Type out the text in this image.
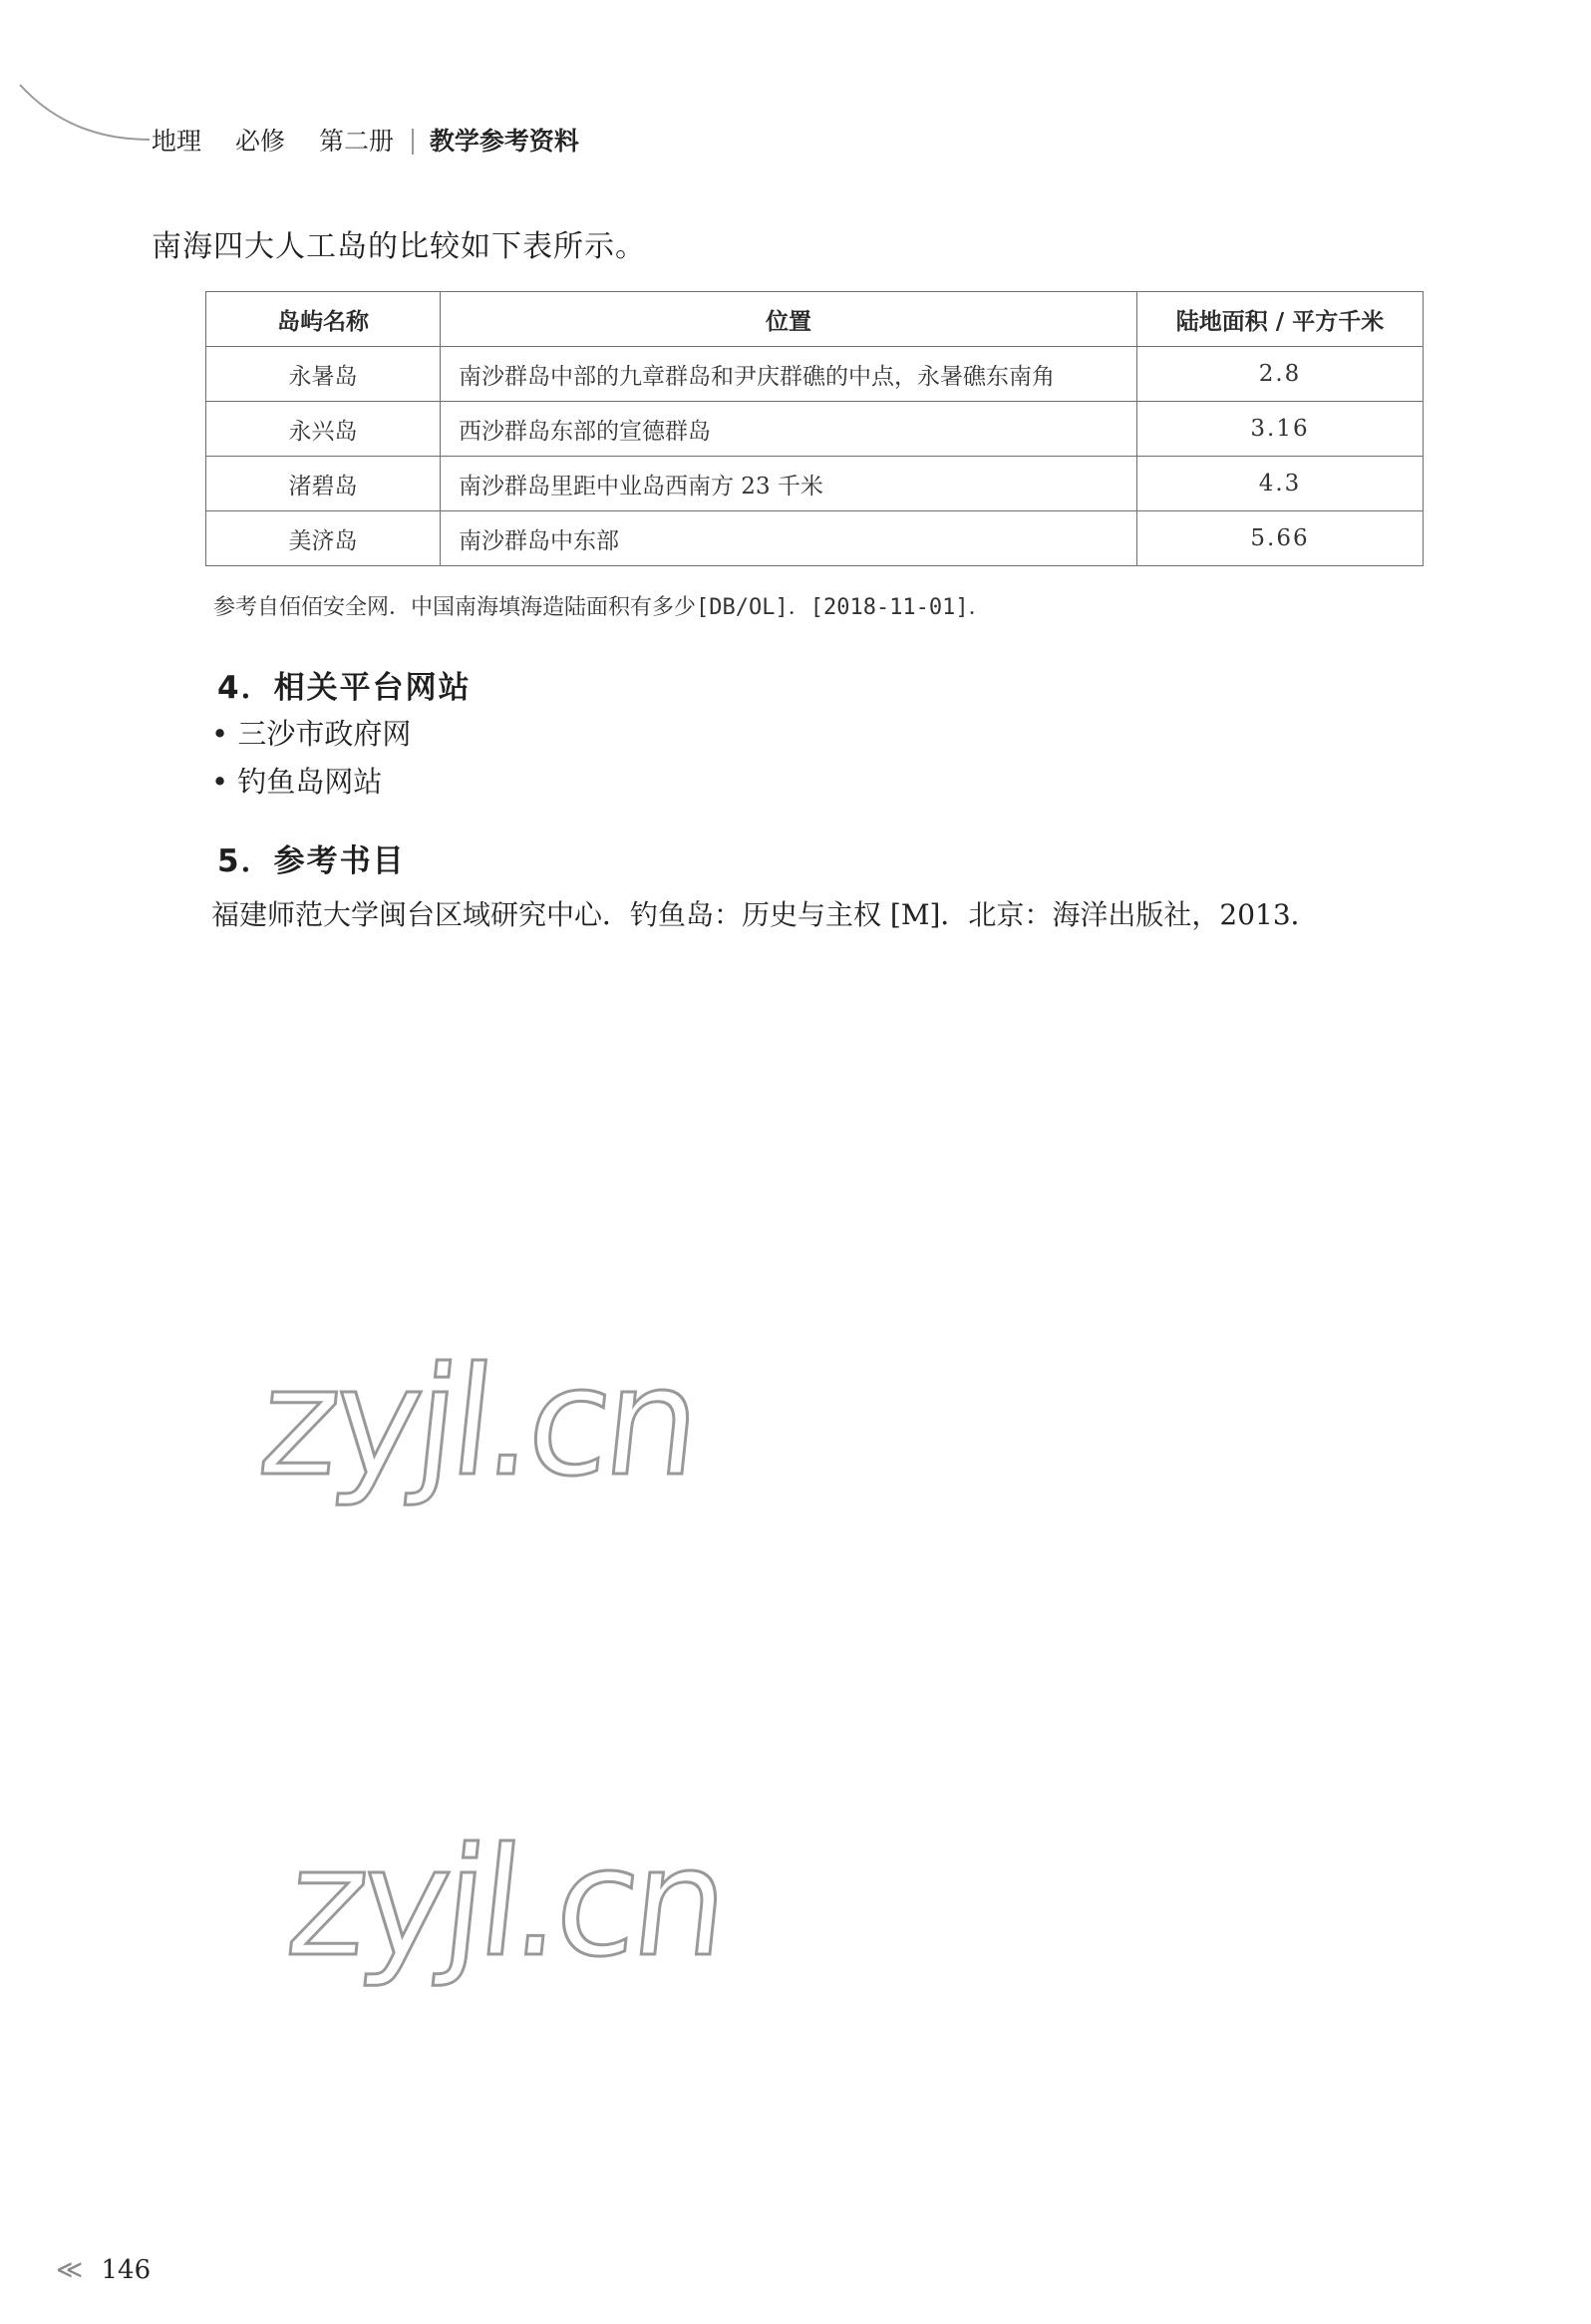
地理 必修 第二册 教学参考资料
南海四大人工岛的比较如下表所示。
岛屿名称	位置	陆地面积 / 平方千米
永暑岛	南沙群岛中部的九章群岛和尹庆群礁的中点，永暑礁东南角	2.8
永兴岛	西沙群岛东部的宣德群岛	3.16
渚碧岛	南沙群岛里距中业岛西南方 23 千米	4.3
美济岛	南沙群岛中东部	5.66
参考自佰佰安全网．中国南海填海造陆面积有多少[DB/OL]．[2018-11-01]．
4．相关平台网站
• 三沙市政府网
• 钓鱼岛网站
5．参考书目
福建师范大学闽台区域研究中心．钓鱼岛：历史与主权 [M]．北京：海洋出版社，2013．
zyjl.cn
zyjl.cn
≪ 146
